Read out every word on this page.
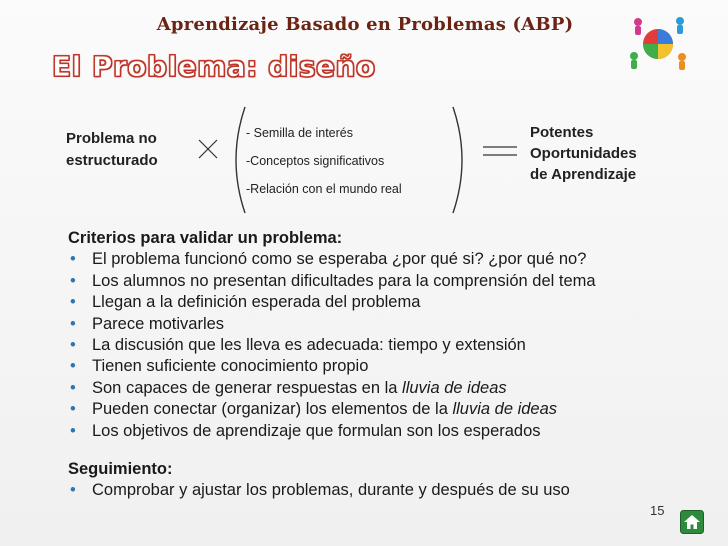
Aprendizaje Basado en Problemas (ABP)
El Problema: diseño
Problema no
estructurado
- Semilla de interés
-Conceptos significativos
-Relación con el mundo real
Potentes
Oportunidades
de Aprendizaje
Criterios para validar un problema:
• El problema funcionó como se esperaba ¿por qué si? ¿por qué no?
• Los alumnos no presentan dificultades para la comprensión del tema
• Llegan a la definición esperada del problema
• Parece motivarles
• La discusión que les lleva es adecuada: tiempo y extensión
• Tienen suficiente conocimiento propio
• Son capaces de generar respuestas en la lluvia de ideas
• Pueden conectar (organizar) los elementos de la lluvia de ideas
• Los objetivos de aprendizaje que formulan son los esperados
Seguimiento:
• Comprobar y ajustar los problemas, durante y después de su uso
15
